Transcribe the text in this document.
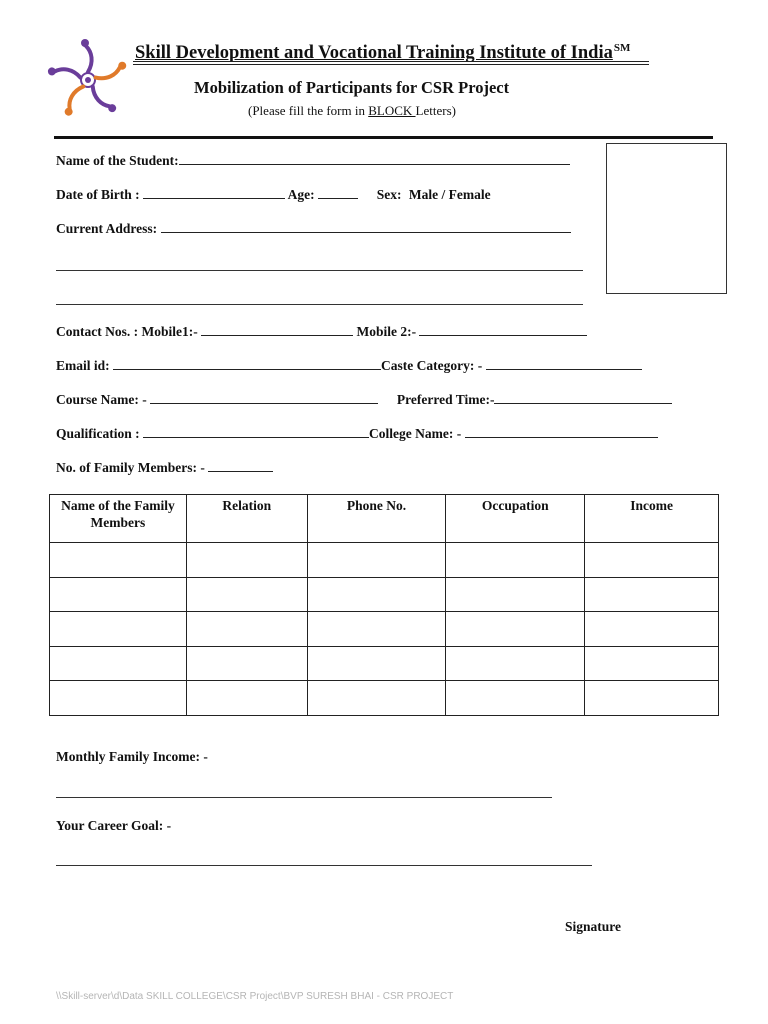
Skill Development and Vocational Training Institute of India℠
Mobilization of Participants for CSR Project
(Please fill the form in BLOCK Letters)
Name of the Student:
Date of Birth :	Age:	Sex: Male / Female
Current Address:
Contact Nos. : Mobile1:-	Mobile 2:-
Email id:	Caste Category: -
Course Name: -	Preferred Time:-
Qualification :	College Name: -
No. of Family Members: -
Name of the Family Members	Relation	Phone No.	Occupation	Income

Monthly Family Income: -
Your Career Goal: -
Signature
\\Skill-server\d\Data SKILL COLLEGE\CSR Project\BVP SURESH BHAI - CSR PROJECT
